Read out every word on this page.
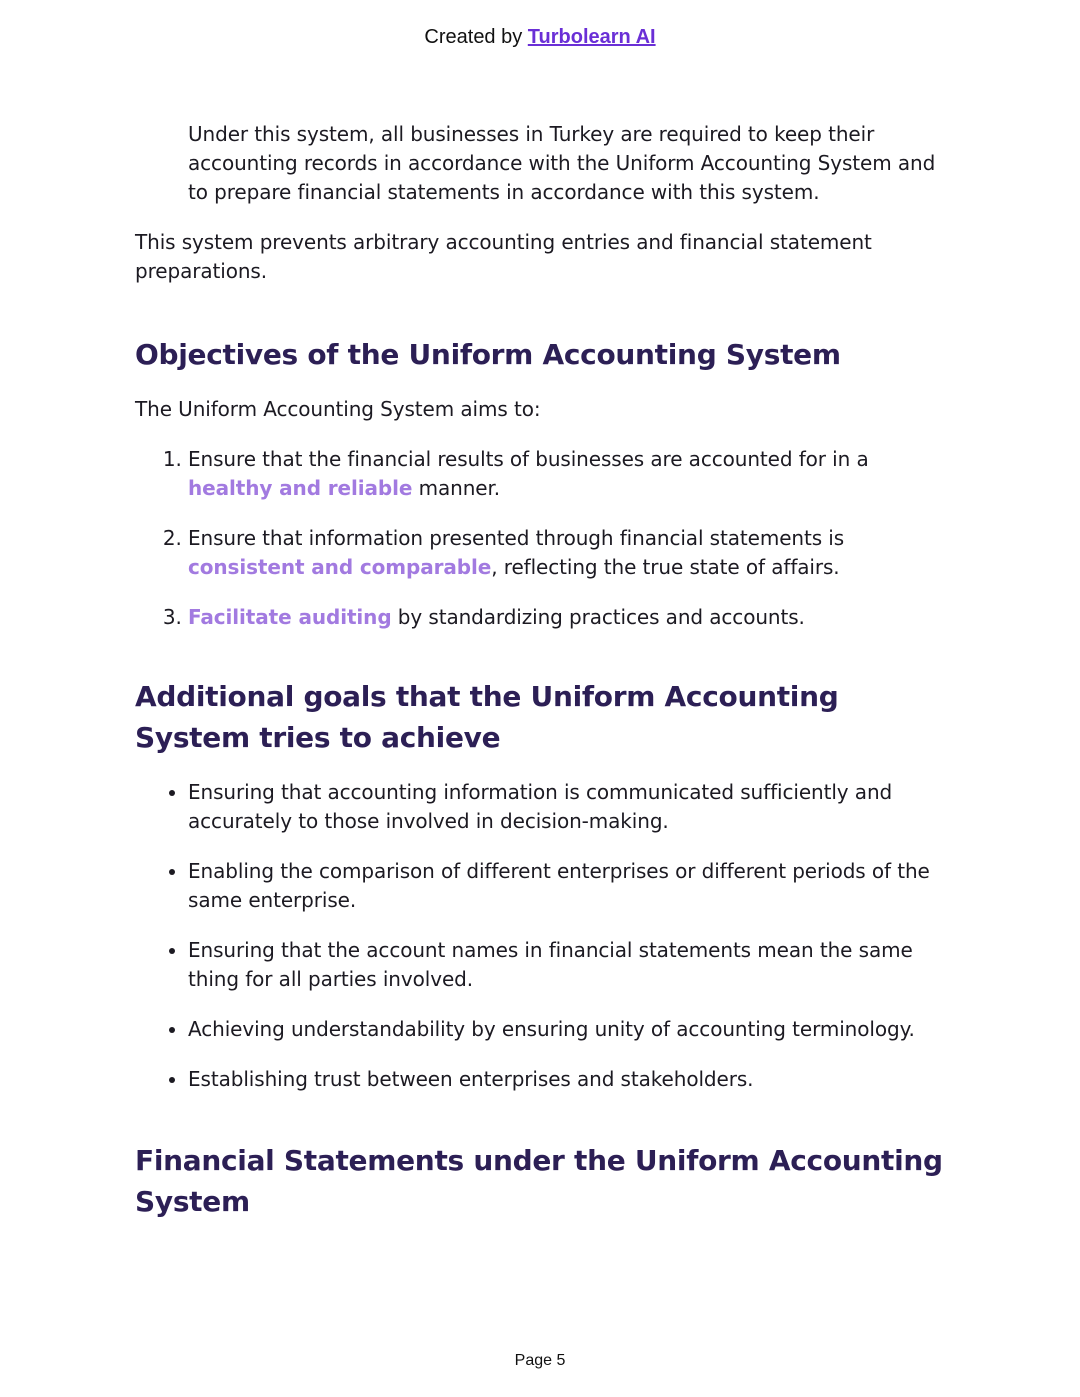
Created by Turbolearn AI

Under this system, all businesses in Turkey are required to keep their accounting records in accordance with the Uniform Accounting System and to prepare financial statements in accordance with this system.

This system prevents arbitrary accounting entries and financial statement preparations.

Objectives of the Uniform Accounting System

The Uniform Accounting System aims to:

1. Ensure that the financial results of businesses are accounted for in a healthy and reliable manner.
2. Ensure that information presented through financial statements is consistent and comparable, reflecting the true state of affairs.
3. Facilitate auditing by standardizing practices and accounts.
Additional goals that the Uniform Accounting System tries to achieve
• Ensuring that accounting information is communicated sufficiently and accurately to those involved in decision-making.
• Enabling the comparison of different enterprises or different periods of the same enterprise.
• Ensuring that the account names in financial statements mean the same thing for all parties involved.
• Achieving understandability by ensuring unity of accounting terminology.
• Establishing trust between enterprises and stakeholders.
Financial Statements under the Uniform Accounting System
Page 5
